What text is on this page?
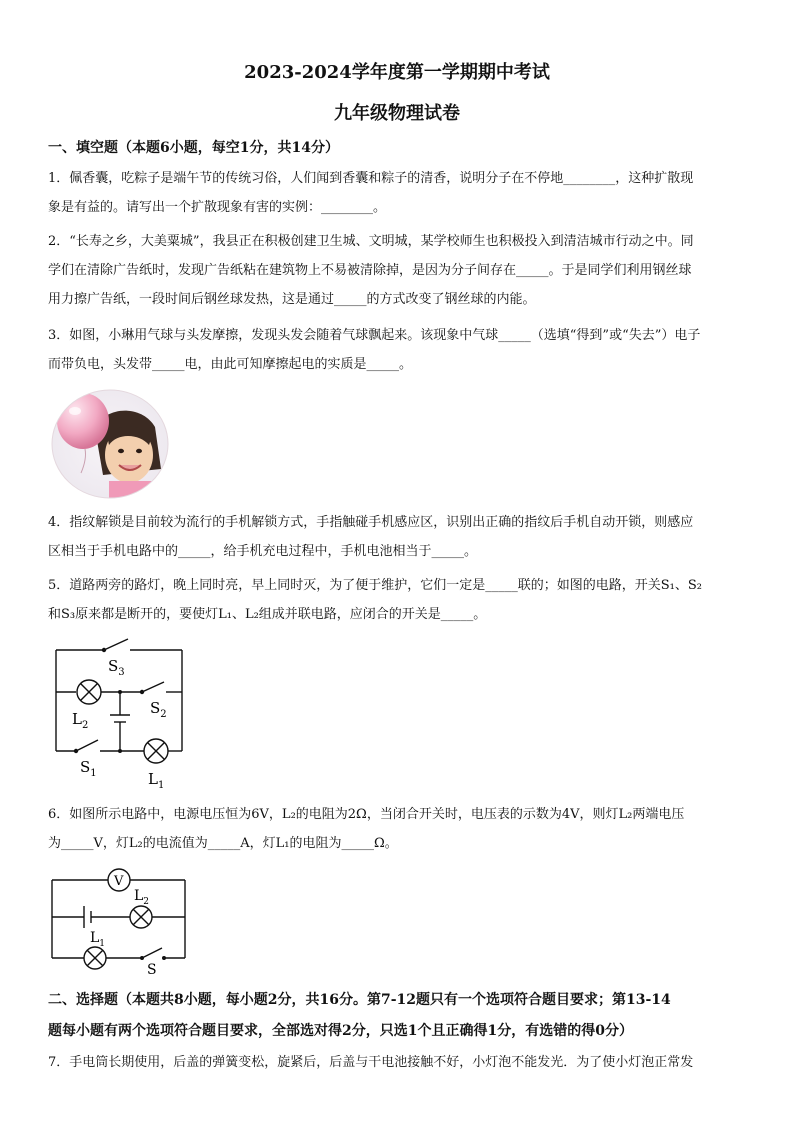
2023-2024学年度第一学期期中考试
九年级物理试卷
一、填空题（本题6小题，每空1分，共14分）

1．佩香囊，吃粽子是端午节的传统习俗，人们闻到香囊和粽子的清香，说明分子在不停地________，这种扩散现

象是有益的。请写出一个扩散现象有害的实例：________。

2．“长寿之乡，大美粟城”，我县正在积极创建卫生城、文明城，某学校师生也积极投入到清洁城市行动之中。同

学们在清除广告纸时，发现广告纸粘在建筑物上不易被清除掉，是因为分子间存在_____。于是同学们利用钢丝球

用力擦广告纸，一段时间后钢丝球发热，这是通过_____的方式改变了钢丝球的内能。

3．如图，小琳用气球与头发摩擦，发现头发会随着气球飘起来。该现象中气球_____（选填“得到”或“失去”）电子

而带负电，头发带_____电，由此可知摩擦起电的实质是_____。

4．指纹解锁是目前较为流行的手机解锁方式，手指触碰手机感应区，识别出正确的指纹后手机自动开锁，则感应

区相当于手机电路中的_____，给手机充电过程中，手机电池相当于_____。

5．道路两旁的路灯，晚上同时亮，早上同时灭，为了便于维护，它们一定是_____联的；如图的电路，开关S₁、S₂

和S₃原来都是断开的，要使灯L₁、L₂组成并联电路，应闭合的开关是_____。

$S_3$
$S_2$
$L_2$
$S_1$	$L_1$

6．如图所示电路中，电源电压恒为6V，L₂的电阻为2Ω，当闭合开关时，电压表的示数为4V，则灯L₂两端电压

为_____V，灯L₂的电流值为_____A，灯L₁的电阻为_____Ω。

V
$L_2$
$L_1$
S
二、选择题（本题共8小题，每小题2分，共16分。第7-12题只有一个选项符合题目要求；第13-14
题每小题有两个选项符合题目要求，全部选对得2分，只选1个且正确得1分，有选错的得0分）

7．手电筒长期使用，后盖的弹簧变松，旋紧后，后盖与干电池接触不好，小灯泡不能发光．为了使小灯泡正常发
